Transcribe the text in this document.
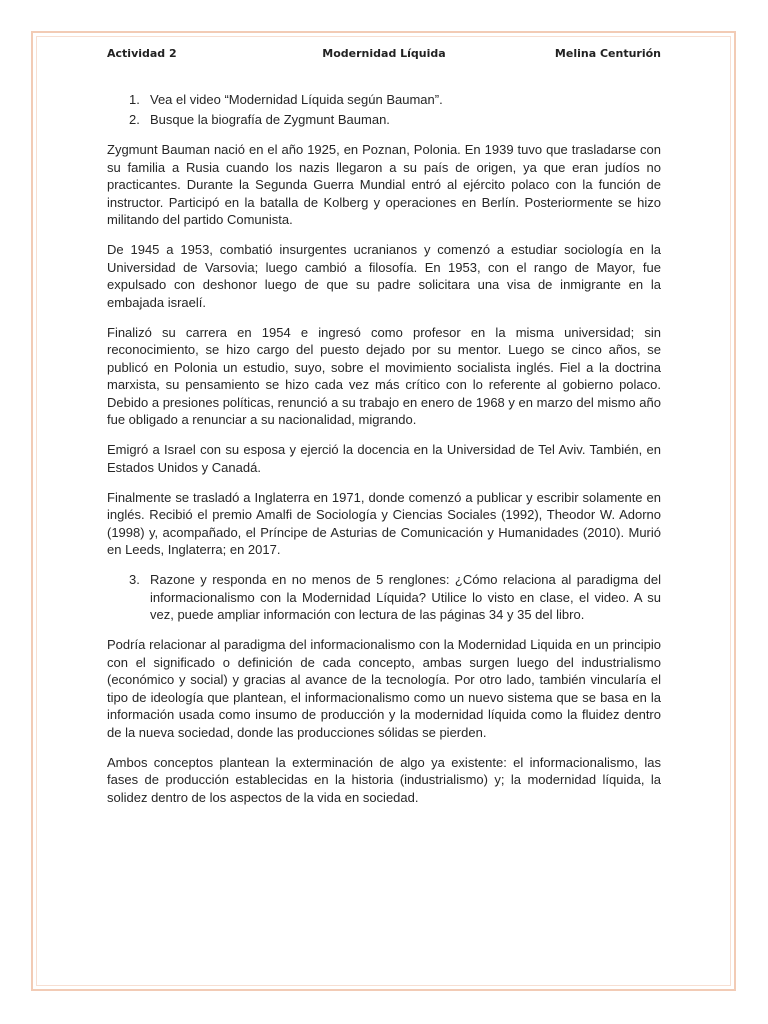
Actividad 2	Modernidad Líquida	Melina Centurión
1. Vea el video “Modernidad Líquida según Bauman”.
2. Busque la biografía de Zygmunt Bauman.

Zygmunt Bauman nació en el año 1925, en Poznan, Polonia. En 1939 tuvo que trasladarse con su familia a Rusia cuando los nazis llegaron a su país de origen, ya que eran judíos no practicantes. Durante la Segunda Guerra Mundial entró al ejército polaco con la función de instructor. Participó en la batalla de Kolberg y operaciones en Berlín. Posteriormente se hizo militando del partido Comunista.

De 1945 a 1953, combatió insurgentes ucranianos y comenzó a estudiar sociología en la Universidad de Varsovia; luego cambió a filosofía. En 1953, con el rango de Mayor, fue expulsado con deshonor luego de que su padre solicitara una visa de inmigrante en la embajada israelí.

Finalizó su carrera en 1954 e ingresó como profesor en la misma universidad; sin reconocimiento, se hizo cargo del puesto dejado por su mentor. Luego se cinco años, se publicó en Polonia un estudio, suyo, sobre el movimiento socialista inglés. Fiel a la doctrina marxista, su pensamiento se hizo cada vez más crítico con lo referente al gobierno polaco. Debido a presiones políticas, renunció a su trabajo en enero de 1968 y en marzo del mismo año fue obligado a renunciar a su nacionalidad, migrando.

Emigró a Israel con su esposa y ejerció la docencia en la Universidad de Tel Aviv. También, en Estados Unidos y Canadá.

Finalmente se trasladó a Inglaterra en 1971, donde comenzó a publicar y escribir solamente en inglés. Recibió el premio Amalfi de Sociología y Ciencias Sociales (1992), Theodor W. Adorno (1998) y, acompañado, el Príncipe de Asturias de Comunicación y Humanidades (2010). Murió en Leeds, Inglaterra; en 2017.

3. Razone y responda en no menos de 5 renglones: ¿Cómo relaciona al paradigma del informacionalismo con la Modernidad Líquida? Utilice lo visto en clase, el video. A su vez, puede ampliar información con lectura de las páginas 34 y 35 del libro.

Podría relacionar al paradigma del informacionalismo con la Modernidad Liquida en un principio con el significado o definición de cada concepto, ambas surgen luego del industrialismo (económico y social) y gracias al avance de la tecnología. Por otro lado, también vincularía el tipo de ideología que plantean, el informacionalismo como un nuevo sistema que se basa en la información usada como insumo de producción y la modernidad líquida como la fluidez dentro de la nueva sociedad, donde las producciones sólidas se pierden.

Ambos conceptos plantean la exterminación de algo ya existente: el informacionalismo, las fases de producción establecidas en la historia (industrialismo) y; la modernidad líquida, la solidez dentro de los aspectos de la vida en sociedad.
